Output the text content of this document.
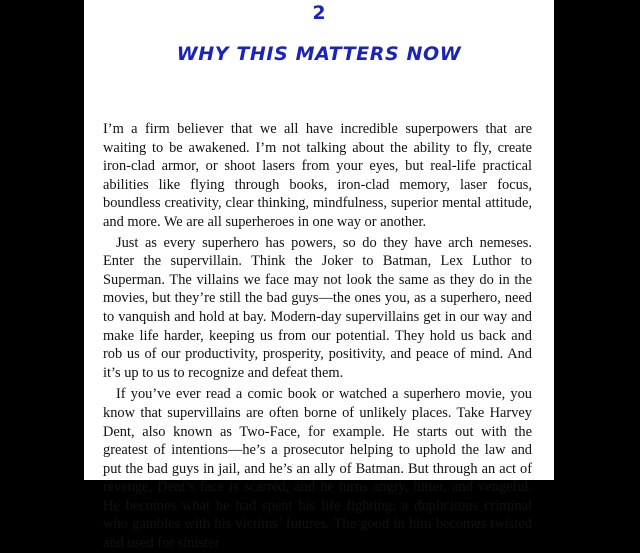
2
WHY THIS MATTERS NOW

I’m a firm believer that we all have incredible superpowers that are waiting to be awakened. I’m not talking about the ability to fly, create iron-clad armor, or shoot lasers from your eyes, but real-life practical abilities like flying through books, iron-clad memory, laser focus, boundless creativity, clear thinking, mindfulness, superior mental attitude, and more. We are all superheroes in one way or another.

Just as every superhero has powers, so do they have arch nemeses. Enter the supervillain. Think the Joker to Batman, Lex Luthor to Superman. The villains we face may not look the same as they do in the movies, but they’re still the bad guys—the ones you, as a superhero, need to vanquish and hold at bay. Modern-day supervillains get in our way and make life harder, keeping us from our potential. They hold us back and rob us of our productivity, prosperity, positivity, and peace of mind. And it’s up to us to recognize and defeat them.

If you’ve ever read a comic book or watched a superhero movie, you know that supervillains are often borne of unlikely places. Take Harvey Dent, also known as Two-Face, for example. He starts out with the greatest of intentions—he’s a prosecutor helping to uphold the law and put the bad guys in jail, and he’s an ally of Batman. But through an act of revenge, Dent’s face is scarred, and he turns angry, bitter, and vengeful. He becomes what he had spent his life fighting: a duplicitous criminal who gambles with his victims’ futures. The good in him becomes twisted and used for sinister
